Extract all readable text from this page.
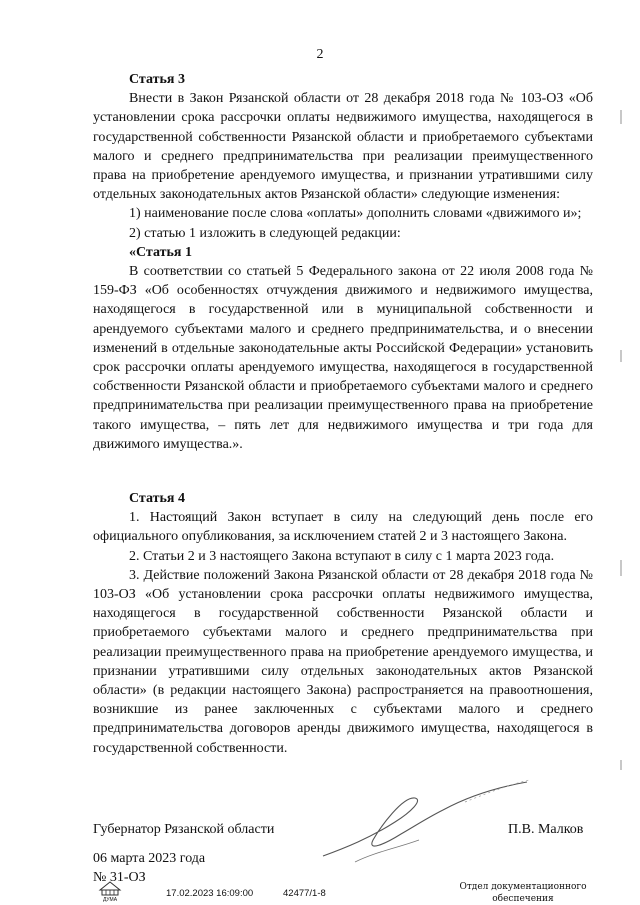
2

Статья 3

Внести в Закон Рязанской области от 28 декабря 2018 года № 103-ОЗ «Об установлении срока рассрочки оплаты недвижимого имущества, находящегося в государственной собственности Рязанской области и приобретаемого субъектами малого и среднего предпринимательства при реализации преимущественного права на приобретение арендуемого имущества, и признании утратившими силу отдельных законодательных актов Рязанской области» следующие изменения:

1) наименование после слова «оплаты» дополнить словами «движимого и»;

2) статью 1 изложить в следующей редакции:

«Статья 1

В соответствии со статьей 5 Федерального закона от 22 июля 2008 года № 159-ФЗ «Об особенностях отчуждения движимого и недвижимого имущества, находящегося в государственной или в муниципальной собственности и арендуемого субъектами малого и среднего предпринимательства, и о внесении изменений в отдельные законодательные акты Российской Федерации» установить срок рассрочки оплаты арендуемого имущества, находящегося в государственной собственности Рязанской области и приобретаемого субъектами малого и среднего предпринимательства при реализации преимущественного права на приобретение такого имущества, – пять лет для недвижимого имущества и три года для движимого имущества.».

Статья 4

1. Настоящий Закон вступает в силу на следующий день после его официального опубликования, за исключением статей 2 и 3 настоящего Закона.

2. Статьи 2 и 3 настоящего Закона вступают в силу с 1 марта 2023 года.

3. Действие положений Закона Рязанской области от 28 декабря 2018 года № 103-ОЗ «Об установлении срока рассрочки оплаты недвижимого имущества, находящегося в государственной собственности Рязанской области и приобретаемого субъектами малого и среднего предпринимательства при реализации преимущественного права на приобретение арендуемого имущества, и признании утратившими силу отдельных законодательных актов Рязанской области» (в редакции настоящего Закона) распространяется на правоотношения, возникшие из ранее заключенных с субъектами малого и среднего предпринимательства договоров аренды движимого имущества, находящегося в государственной собственности.

Губернатор Рязанской области	П.В. Малков
06 марта 2023 года
№ 31-ОЗ
ДУМА
17.02.2023 16:09:00	42477/1-8
Отдел документационного
обеспечения
